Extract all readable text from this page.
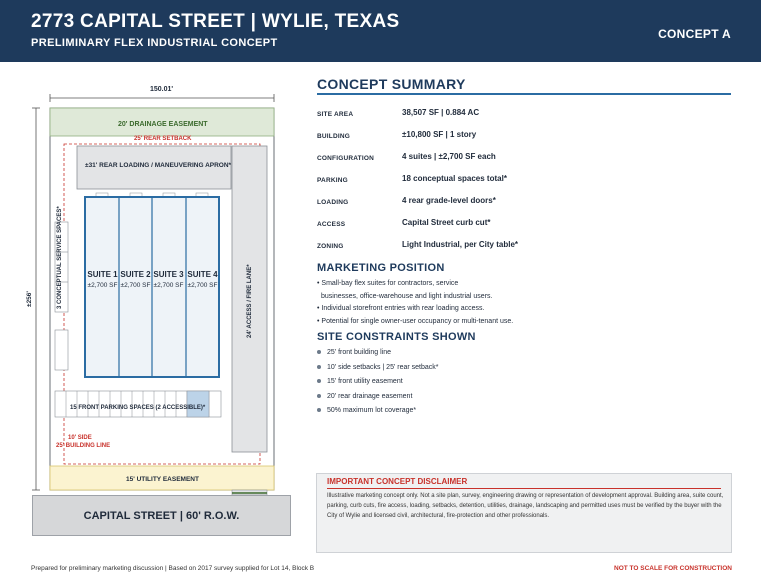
2773 CAPITAL STREET | WYLIE, TEXAS
PRELIMINARY FLEX INDUSTRIAL CONCEPT
CONCEPT A
150.01'
±256'
20' DRAINAGE EASEMENT
25' REAR SETBACK
±31' REAR LOADING / MANEUVERING APRON*
3 CONCEPTUAL SERVICE SPACES*	24' ACCESS / FIRE LANE*
SUITE 1
±2,700 SF
SUITE 2
±2,700 SF
SUITE 3
±2,700 SF
SUITE 4
±2,700 SF
15 FRONT PARKING SPACES (2 ACCESSIBLE)*
10' SIDE
25' BUILDING LINE
15' UTILITY EASEMENT
CAPITAL STREET | 60' R.O.W.
CONCEPT SUMMARY
SITE AREA	38,507 SF | 0.884 AC
BUILDING	±10,800 SF | 1 story
CONFIGURATION	4 suites | ±2,700 SF each
PARKING	18 conceptual spaces total*
LOADING	4 rear grade-level doors*
ACCESS	Capital Street curb cut*
ZONING	Light Industrial, per City table*
MARKETING POSITION
• Small-bay flex suites for contractors, service
businesses, office-warehouse and light industrial users.
• Individual storefront entries with rear loading access.
• Potential for single owner-user occupancy or multi-tenant use.
SITE CONSTRAINTS SHOWN
25' front building line
10' side setbacks | 25' rear setback*
15' front utility easement
20' rear drainage easement
50% maximum lot coverage*
IMPORTANT CONCEPT DISCLAIMER
Illustrative marketing concept only. Not a site plan, survey, engineering drawing or representation of development approval. Building area, suite count, parking, curb cuts, fire access, loading, setbacks, detention, utilities, drainage, landscaping and permitted uses must be verified by the buyer with the City of Wylie and licensed civil, architectural, fire-protection and other professionals.
Prepared for preliminary marketing discussion | Based on 2017 survey supplied for Lot 14, Block B	NOT TO SCALE FOR CONSTRUCTION
